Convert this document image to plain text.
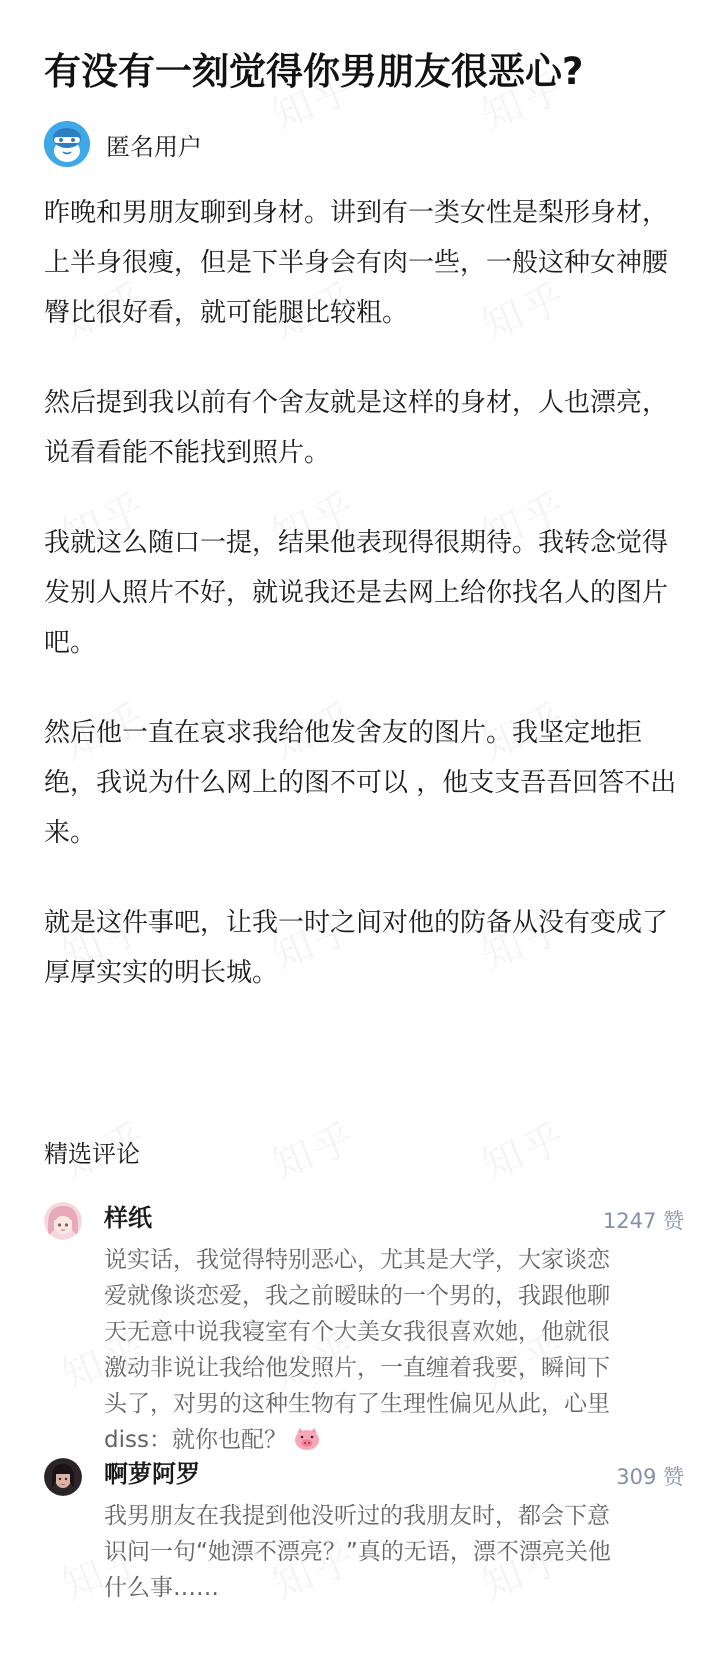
有没有一刻觉得你男朋友很恶心?
匿名用户

昨晚和男朋友聊到身材。讲到有一类女性是梨形身材，上半身很瘦，但是下半身会有肉一些，一般这种女神腰臀比很好看，就可能腿比较粗。

然后提到我以前有个舍友就是这样的身材，人也漂亮，说看看能不能找到照片。

我就这么随口一提，结果他表现得很期待。我转念觉得发别人照片不好，就说我还是去网上给你找名人的图片吧。

然后他一直在哀求我给他发舍友的图片。我坚定地拒绝，我说为什么网上的图不可以 ，他支支吾吾回答不出来。

就是这件事吧，让我一时之间对他的防备从没有变成了厚厚实实的明长城。

精选评论
样纸	1247 赞
说实话，我觉得特别恶心，尤其是大学，大家谈恋爱就像谈恋爱，我之前暧昧的一个男的，我跟他聊天无意中说我寝室有个大美女我很喜欢她，他就很激动非说让我给他发照片，一直缠着我要，瞬间下头了，对男的这种生物有了生理性偏见从此，心里diss：就你也配？
啊萝阿罗	309 赞
我男朋友在我提到他没听过的我朋友时，都会下意识问一句“她漂不漂亮？”真的无语，漂不漂亮关他什么事……
